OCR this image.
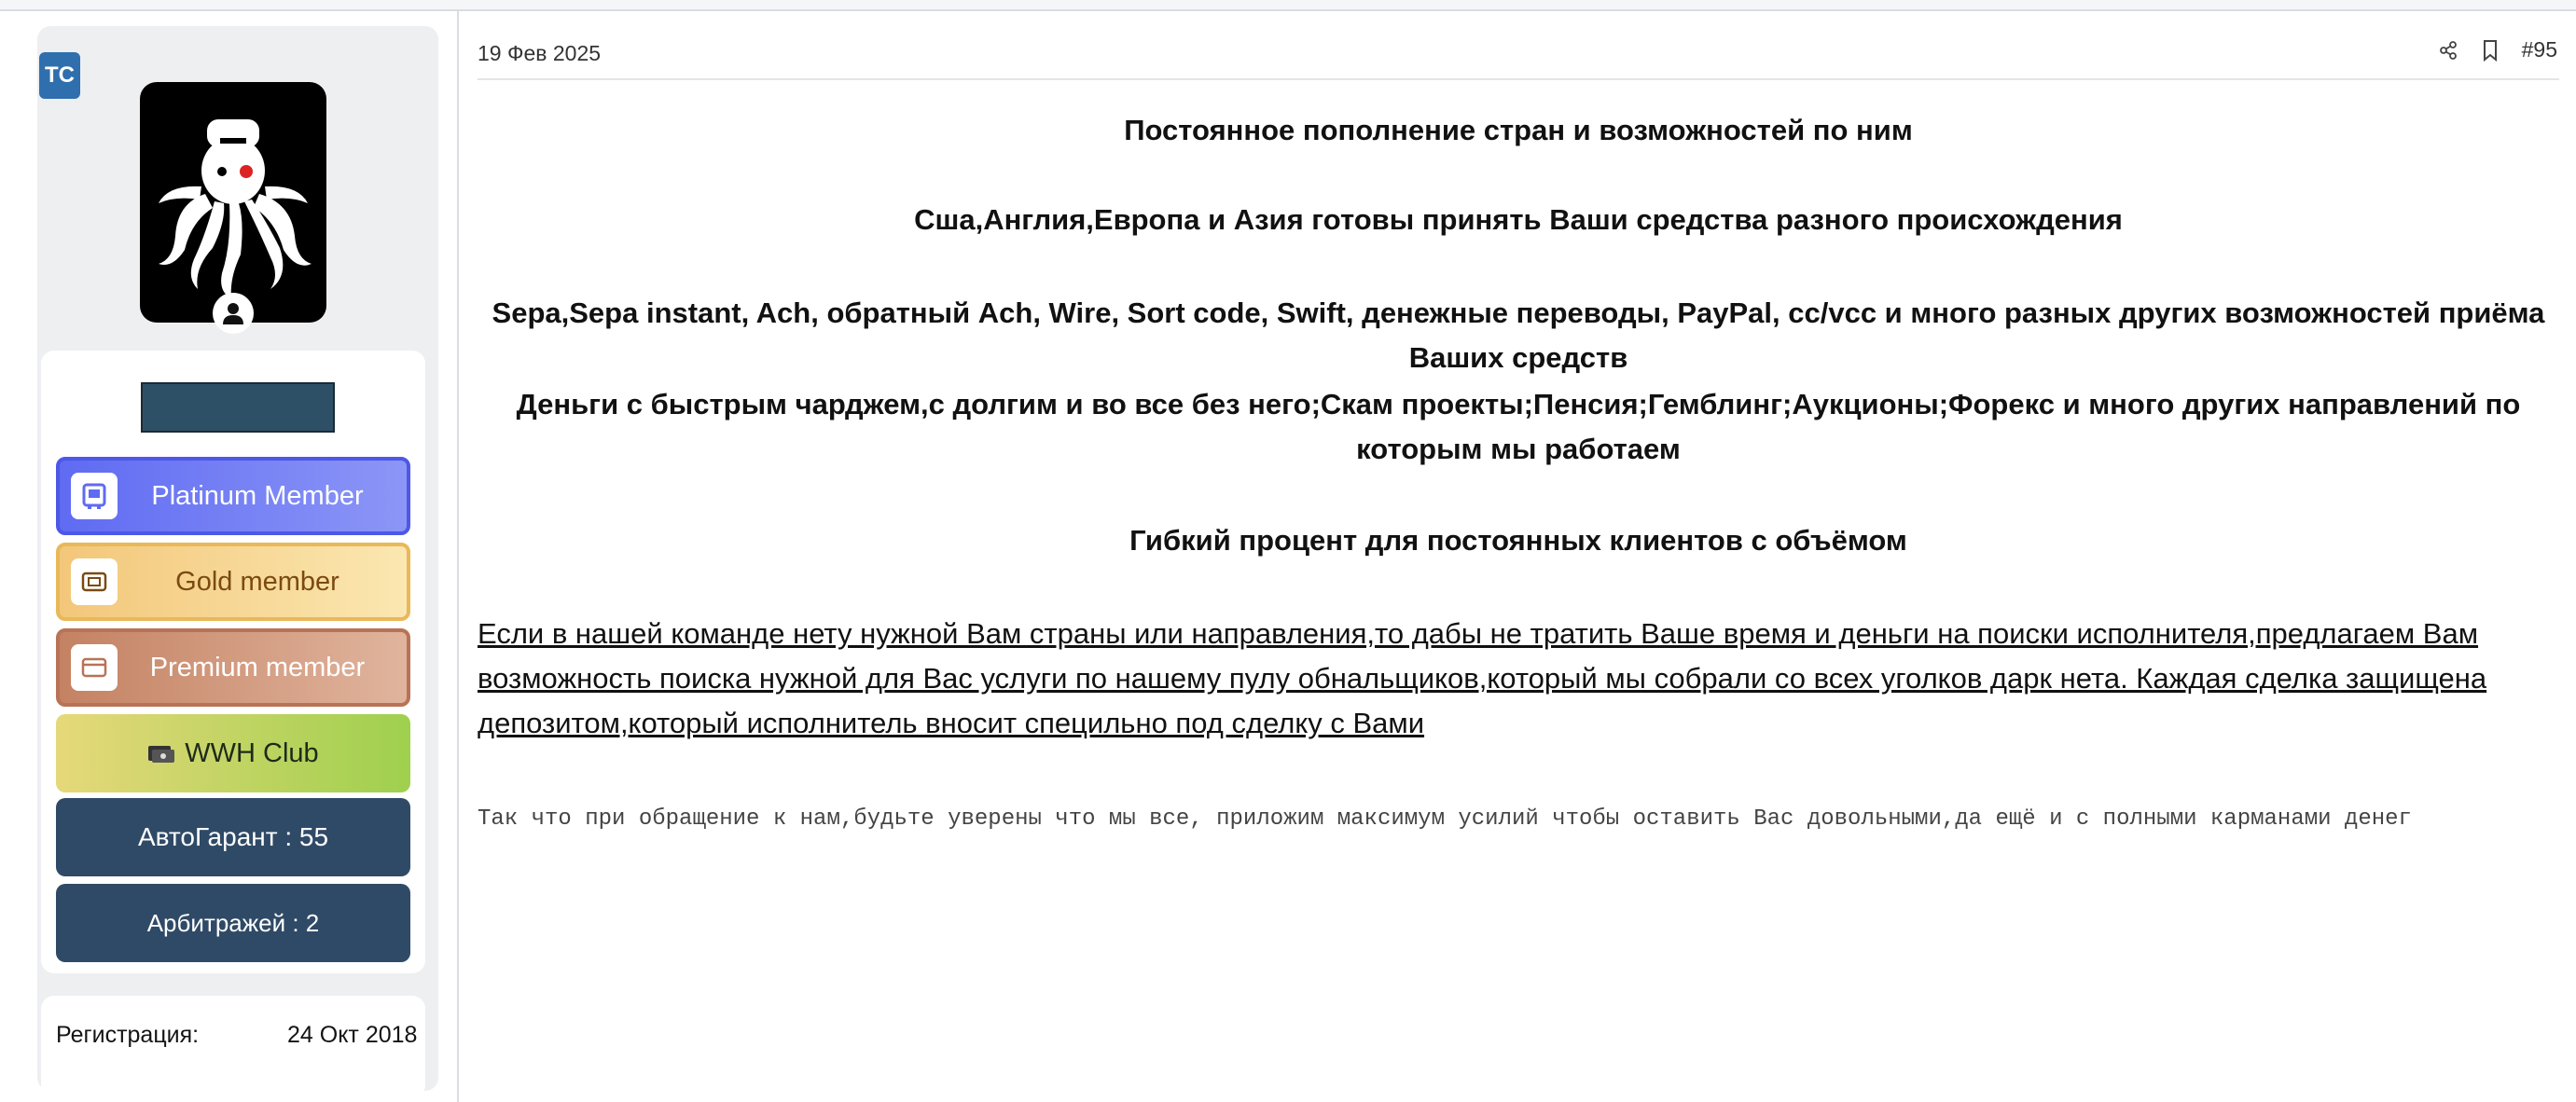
TC
Platinum Member
Gold member
Premium member
WWH Club
АвтоГарант : 55
Арбитражей : 2
Регистрация:	24 Окт 2018
19 Фев 2025	#95
Постоянное пополнение стран и возможностей по ним
Сша,Англия,Европа и Азия готовы принять Ваши средства разного происхождения
Sepa,Sepa instant, Ach, обратный Ach, Wire, Sort code, Swift, денежные переводы, PayPal, cc/vcc и много разных других возможностей приёма Ваших средств
Деньги с быстрым чарджем,с долгим и во все без него;Скам проекты;Пенсия;Гемблинг;Аукционы;Форекс и много других направлений по которым мы работаем
Гибкий процент для постоянных клиентов с объёмом
Если в нашей команде нету нужной Вам страны или направления,то дабы не тратить Ваше время и деньги на поиски исполнителя,предлагаем Вам возможность поиска нужной для Вас услуги по нашему пулу обнальщиков,который мы собрали со всех уголков дарк нета. Каждая сделка защищена депозитом,который исполнитель вносит специльно под сделку с Вами
Так что при обращение к нам,будьте уверены что мы все, приложим максимум усилий чтобы оставить Вас довольными,да ещё и с полными карманами денег
